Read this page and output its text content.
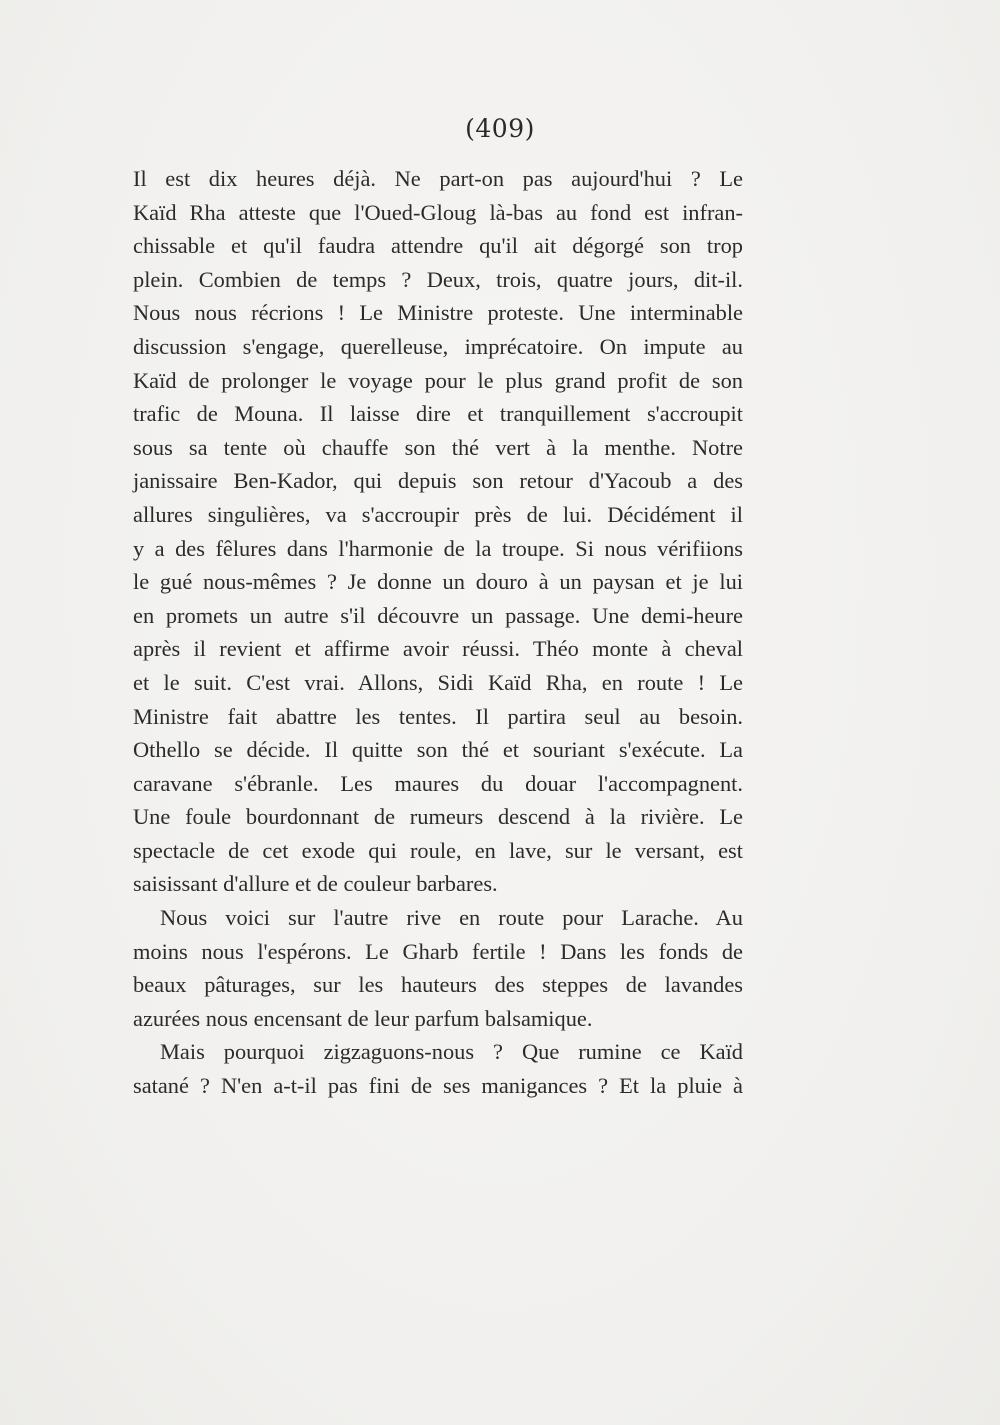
(409)
Il est dix heures déjà. Ne part-on pas aujourd'hui ? Le
Kaïd Rha atteste que l'Oued-Gloug là-bas au fond est infran-
chissable et qu'il faudra attendre qu'il ait dégorgé son trop
plein. Combien de temps ? Deux, trois, quatre jours, dit-il.
Nous nous récrions ! Le Ministre proteste. Une interminable
discussion s'engage, querelleuse, imprécatoire. On impute au
Kaïd de prolonger le voyage pour le plus grand profit de son
trafic de Mouna. Il laisse dire et tranquillement s'accroupit
sous sa tente où chauffe son thé vert à la menthe. Notre
janissaire Ben-Kador, qui depuis son retour d'Yacoub a des
allures singulières, va s'accroupir près de lui. Décidément il
y a des fêlures dans l'harmonie de la troupe. Si nous vérifiions
le gué nous-mêmes ? Je donne un douro à un paysan et je lui
en promets un autre s'il découvre un passage. Une demi-heure
après il revient et affirme avoir réussi. Théo monte à cheval
et le suit. C'est vrai. Allons, Sidi Kaïd Rha, en route ! Le
Ministre fait abattre les tentes. Il partira seul au besoin.
Othello se décide. Il quitte son thé et souriant s'exécute. La
caravane s'ébranle. Les maures du douar l'accompagnent.
Une foule bourdonnant de rumeurs descend à la rivière. Le
spectacle de cet exode qui roule, en lave, sur le versant, est
saisissant d'allure et de couleur barbares.
Nous voici sur l'autre rive en route pour Larache. Au
moins nous l'espérons. Le Gharb fertile ! Dans les fonds de
beaux pâturages, sur les hauteurs des steppes de lavandes
azurées nous encensant de leur parfum balsamique.
Mais pourquoi zigzaguons-nous ? Que rumine ce Kaïd
satané ? N'en a-t-il pas fini de ses manigances ? Et la pluie à
